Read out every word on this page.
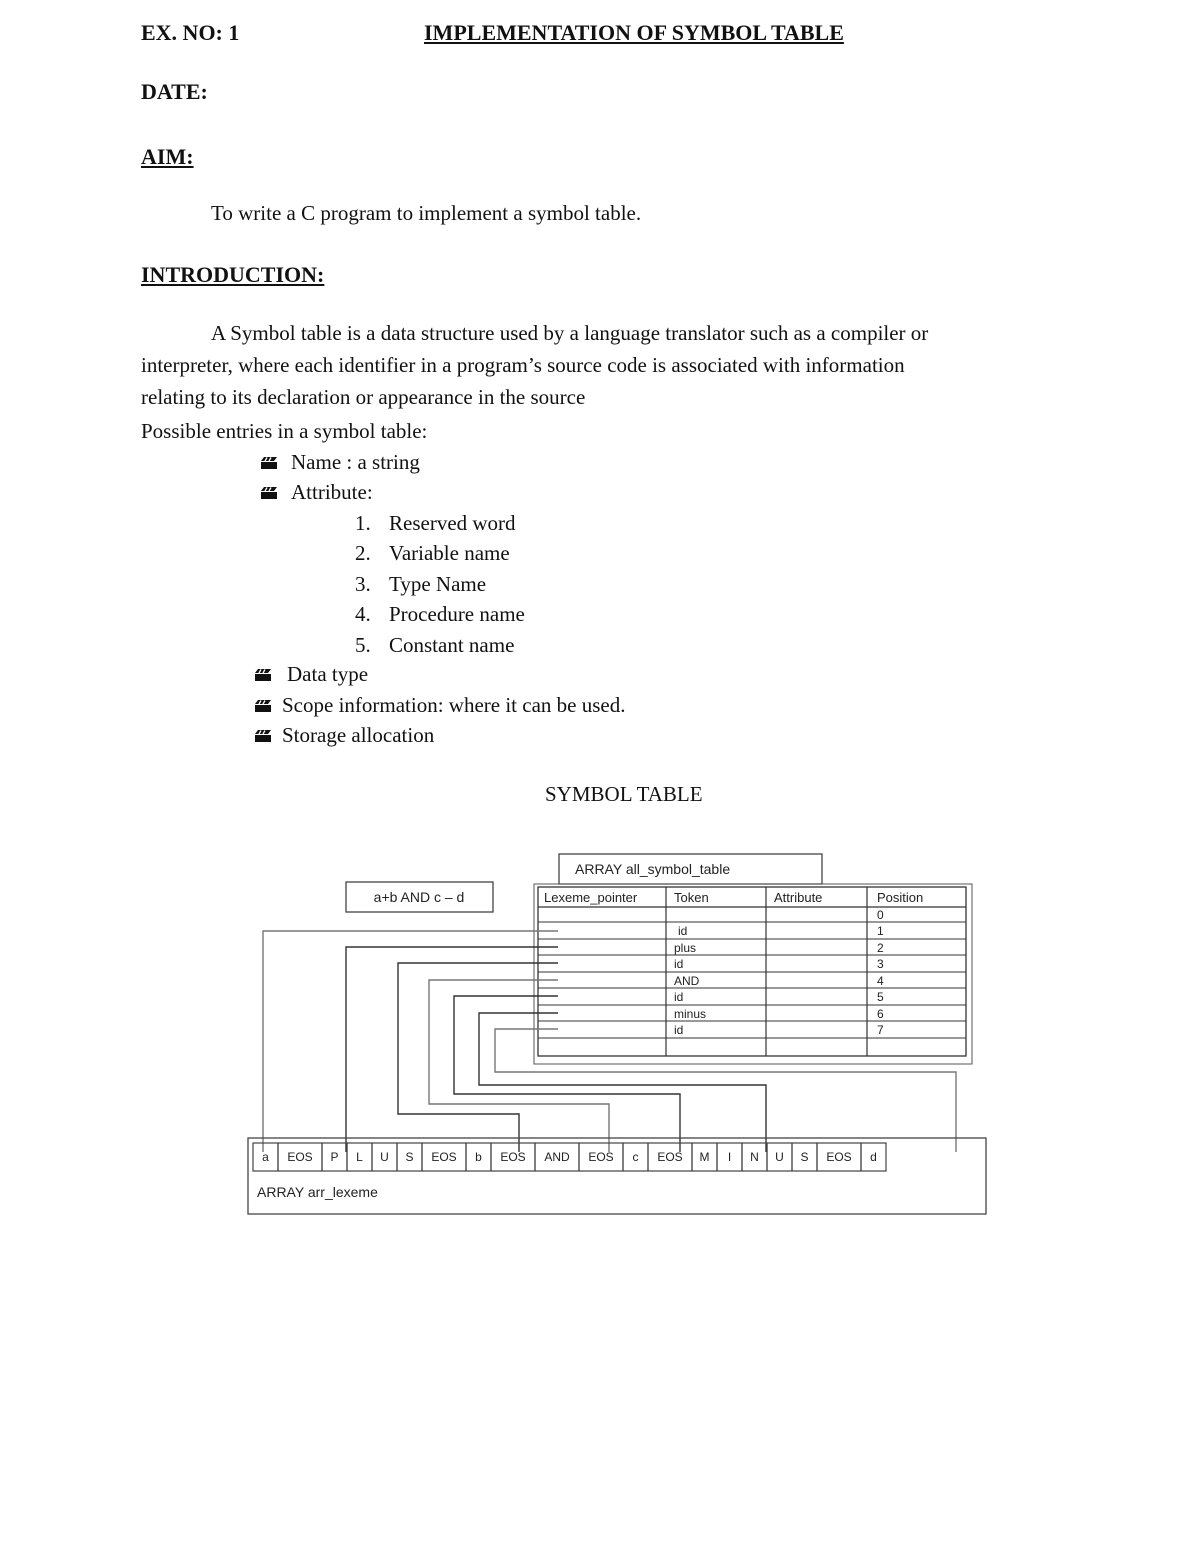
EX. NO: 1	IMPLEMENTATION OF SYMBOL TABLE
DATE:
AIM:
To write a C program to implement a symbol table.
INTRODUCTION:
A Symbol table is a data structure used by a language translator such as a compiler or
interpreter, where each identifier in a program’s source code is associated with information
relating to its declaration or appearance in the source
Possible entries in a symbol table:
Name : a string
Attribute:
1. Reserved word
2. Variable name
3. Type Name
4. Procedure name
5. Constant name
Data type
Scope information: where it can be used.
Storage allocation
SYMBOL TABLE
ARRAY all_symbol_table
a+b AND c – d	Lexeme_pointer	Token	Attribute	Position
0
id	1
plus	2
id	3
AND	4
id	5
minus	6
id	7
a EOS P L U S EOS b EOS AND EOS c EOS M I N U S EOS d
ARRAY arr_lexeme
